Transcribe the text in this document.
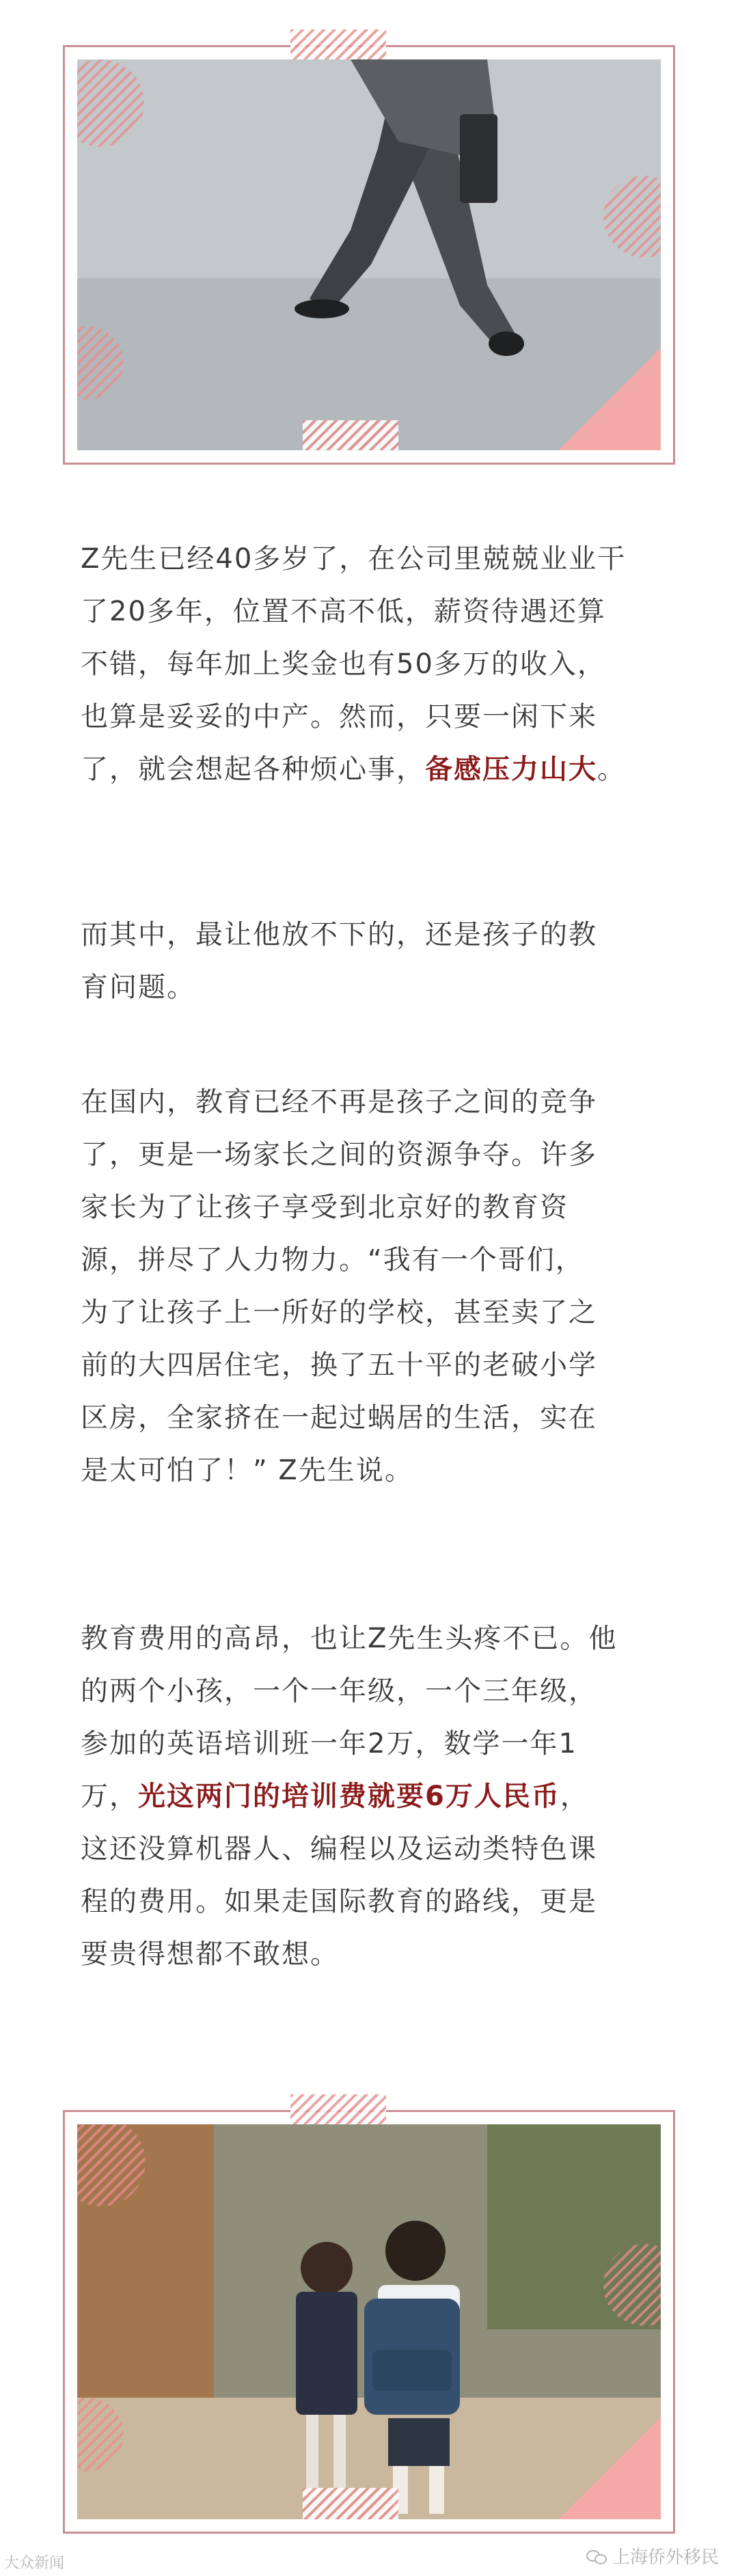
Z先生已经40多岁了，在公司里兢兢业业干
了20多年，位置不高不低，薪资待遇还算
不错，每年加上奖金也有50多万的收入，
也算是妥妥的中产。然而，只要一闲下来
了，就会想起各种烦心事，备感压力山大。
而其中，最让他放不下的，还是孩子的教
育问题。
在国内，教育已经不再是孩子之间的竞争
了，更是一场家长之间的资源争夺。许多
家长为了让孩子享受到北京好的教育资
源，拼尽了人力物力。“我有一个哥们，
为了让孩子上一所好的学校，甚至卖了之
前的大四居住宅，换了五十平的老破小学
区房，全家挤在一起过蜗居的生活，实在
是太可怕了！” Z先生说。
教育费用的高昂，也让Z先生头疼不已。他
的两个小孩，一个一年级，一个三年级，
参加的英语培训班一年2万，数学一年1
万，光这两门的培训费就要6万人民币，
这还没算机器人、编程以及运动类特色课
程的费用。如果走国际教育的路线，更是
要贵得想都不敢想。
大众新闻	上海侨外移民
